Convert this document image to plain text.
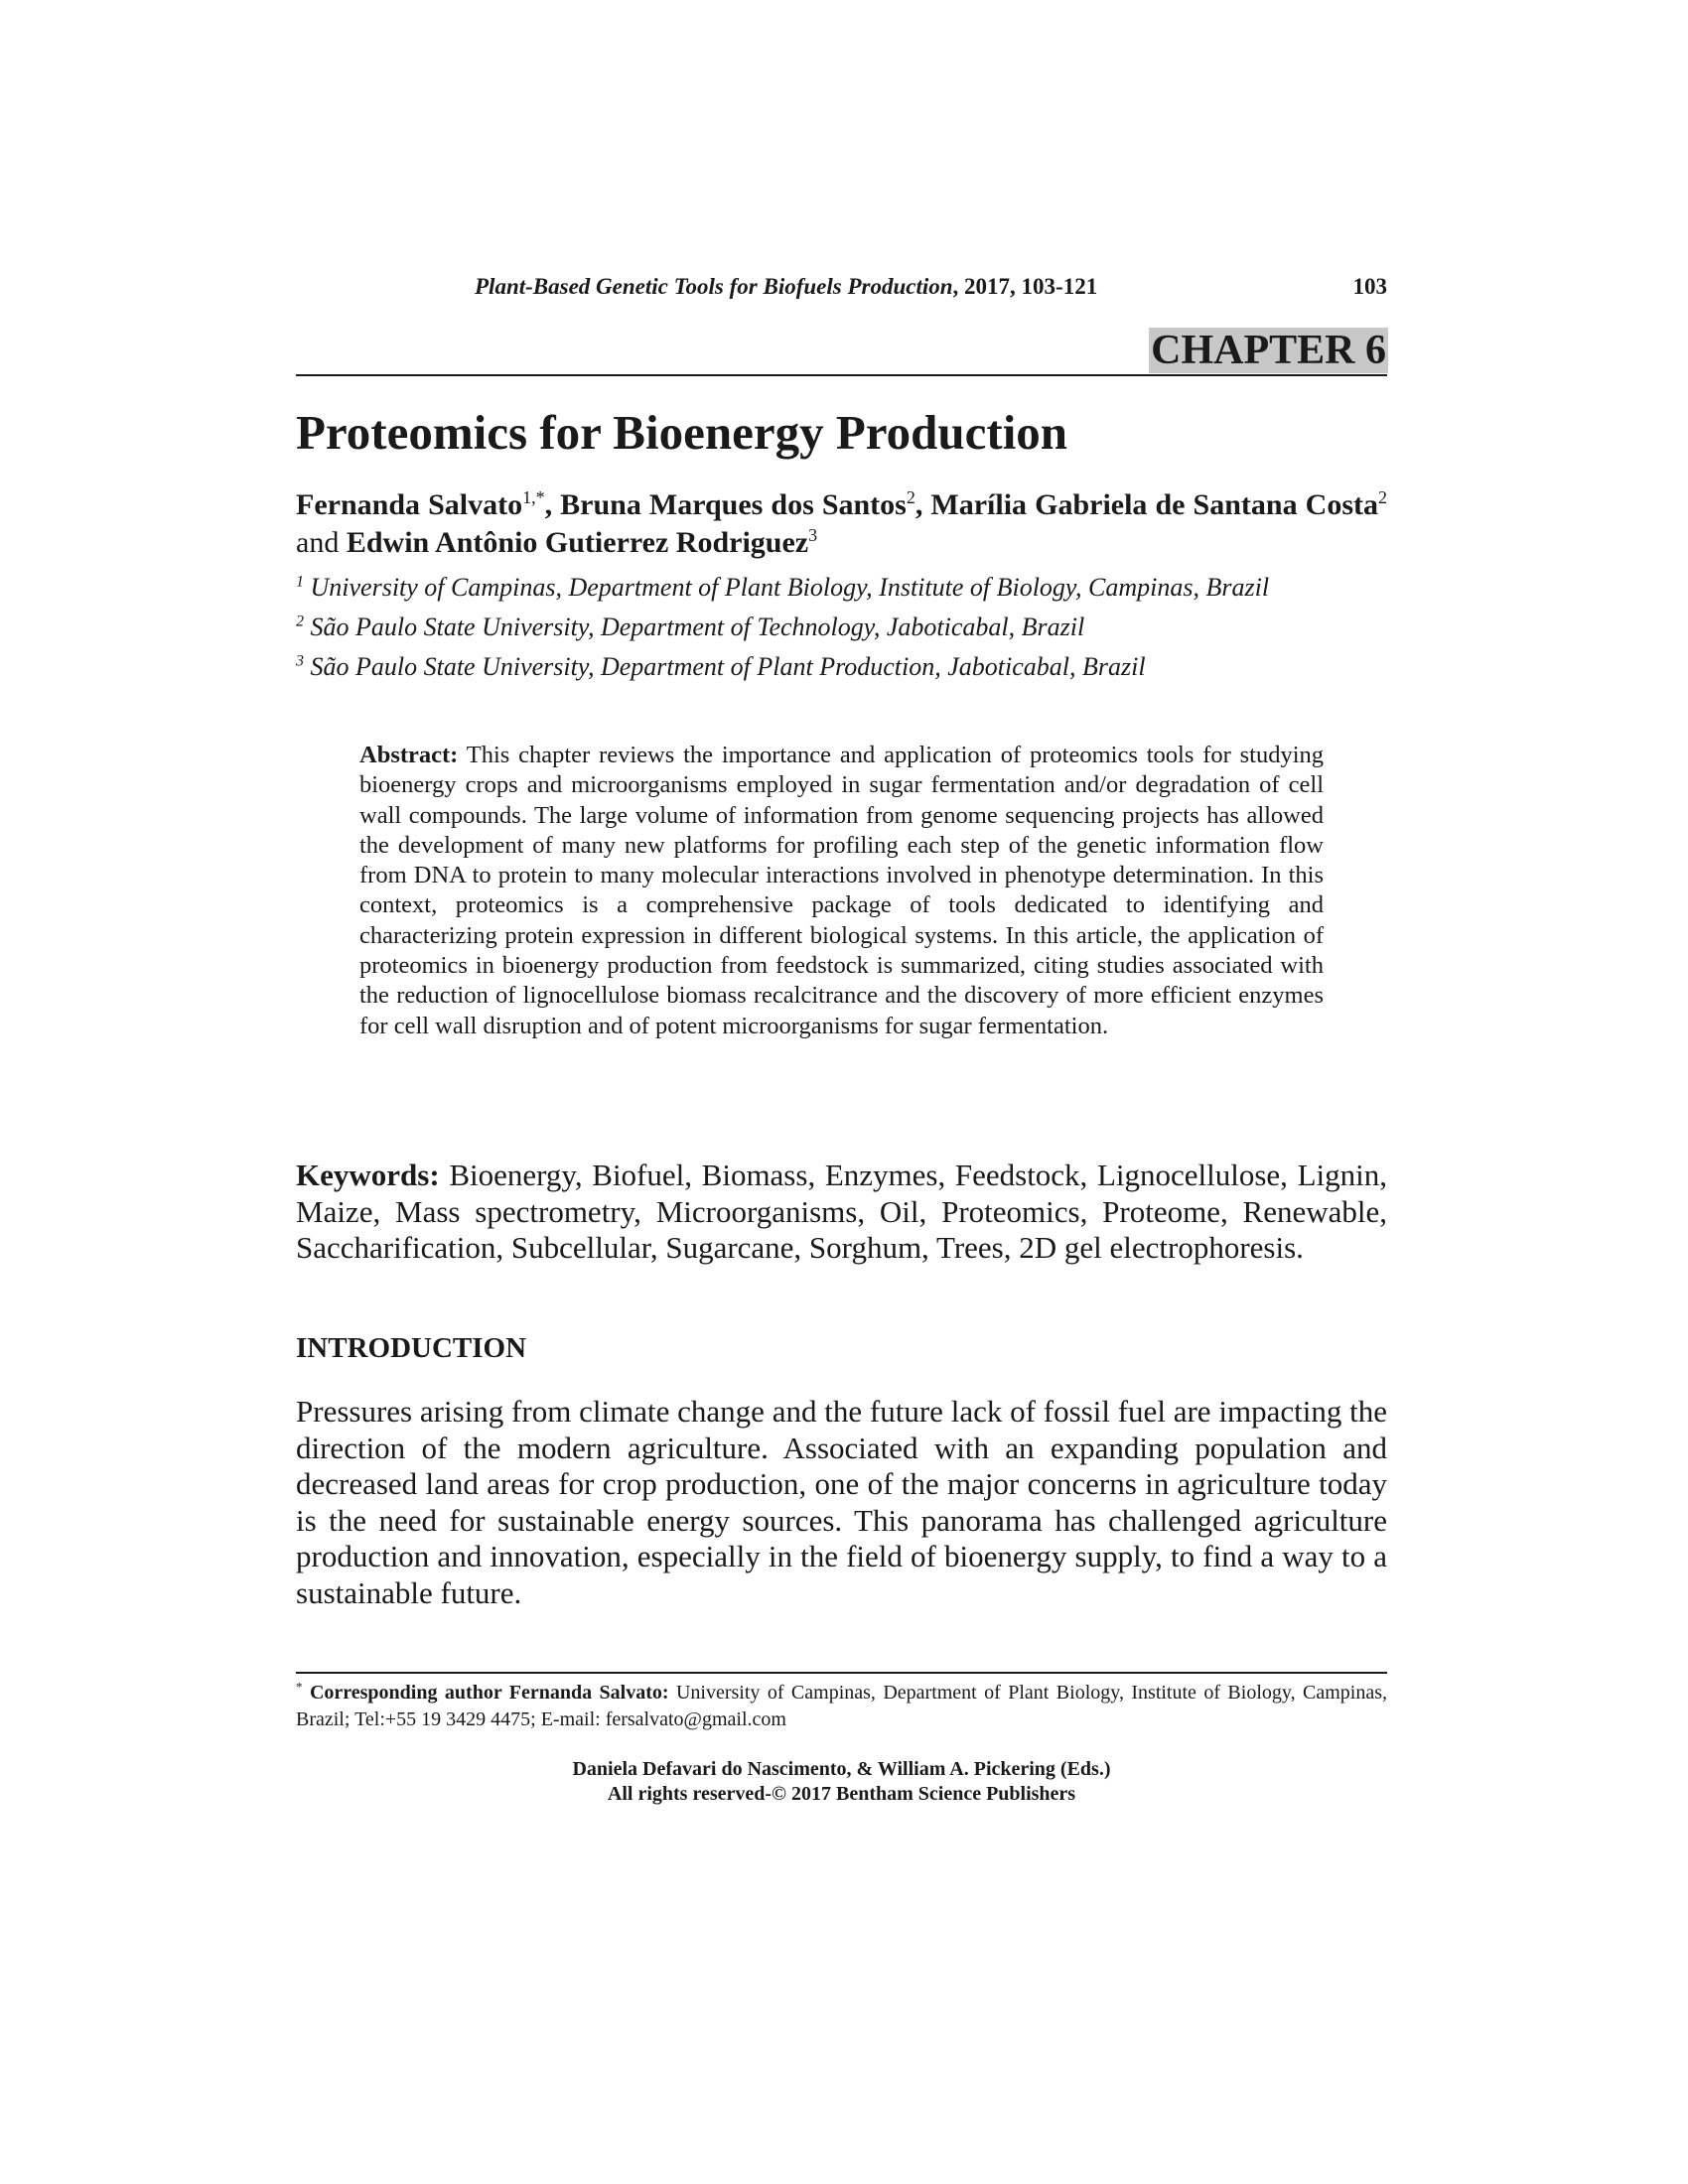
Plant-Based Genetic Tools for Biofuels Production, 2017, 103-121	103
CHAPTER 6
Proteomics for Bioenergy Production
Fernanda Salvato$^{1,*}$, Bruna Marques dos Santos$^2$, Marília Gabriela de Santana Costa$^2$ and Edwin Antônio Gutierrez Rodriguez$^3$
$^1$ University of Campinas, Department of Plant Biology, Institute of Biology, Campinas, Brazil
$^2$ São Paulo State University, Department of Technology, Jaboticabal, Brazil
$^3$ São Paulo State University, Department of Plant Production, Jaboticabal, Brazil
Abstract: This chapter reviews the importance and application of proteomics tools for studying bioenergy crops and microorganisms employed in sugar fermentation and/or degradation of cell wall compounds. The large volume of information from genome sequencing projects has allowed the development of many new platforms for profiling each step of the genetic information flow from DNA to protein to many molecular interactions involved in phenotype determination. In this context, proteomics is a comprehensive package of tools dedicated to identifying and characterizing protein expression in different biological systems. In this article, the application of proteomics in bioenergy production from feedstock is summarized, citing studies associated with the reduction of lignocellulose biomass recalcitrance and the discovery of more efficient enzymes for cell wall disruption and of potent microorganisms for sugar fermentation.
Keywords: Bioenergy, Biofuel, Biomass, Enzymes, Feedstock, Lignocellulose, Lignin, Maize, Mass spectrometry, Microorganisms, Oil, Proteomics, Proteome, Renewable, Saccharification, Subcellular, Sugarcane, Sorghum, Trees, 2D gel electrophoresis.
INTRODUCTION

Pressures arising from climate change and the future lack of fossil fuel are impacting the direction of the modern agriculture. Associated with an expanding population and decreased land areas for crop production, one of the major concerns in agriculture today is the need for sustainable energy sources. This panorama has challenged agriculture production and innovation, especially in the field of bioenergy supply, to find a way to a sustainable future.

* Corresponding author Fernanda Salvato: University of Campinas, Department of Plant Biology, Institute of Biology, Campinas, Brazil; Tel:+55 19 3429 4475; E-mail: fersalvato@gmail.com
Daniela Defavari do Nascimento, & William A. Pickering (Eds.)
All rights reserved-© 2017 Bentham Science Publishers
